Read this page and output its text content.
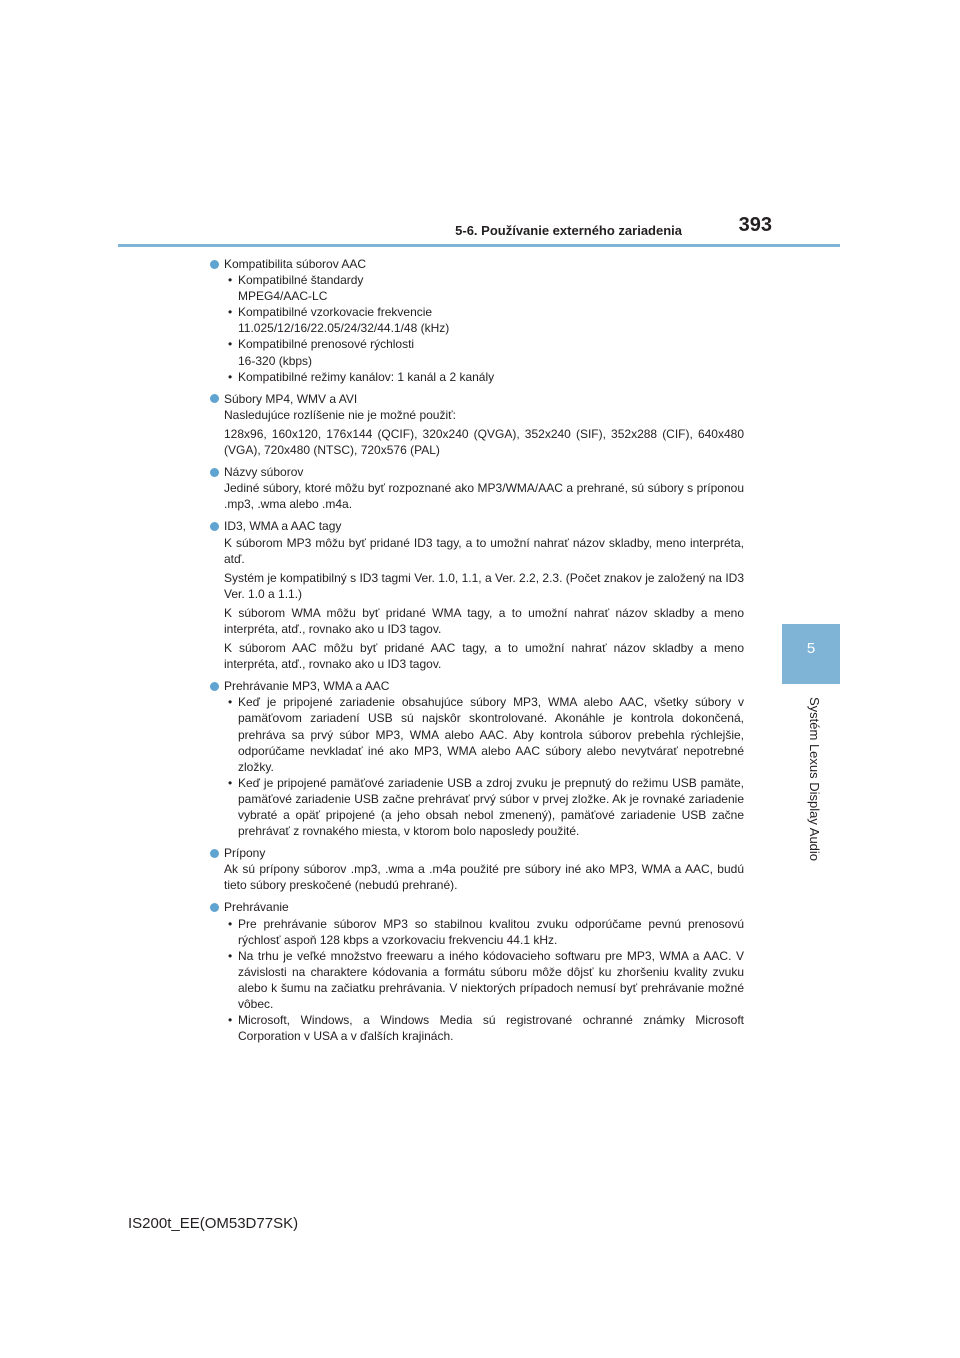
5-6. Používanie externého zariadenia	393
5
Systém Lexus Display Audio
Kompatibilita súborov AAC
• Kompatibilné štandardy
MPEG4/AAC-LC
• Kompatibilné vzorkovacie frekvencie
11.025/12/16/22.05/24/32/44.1/48 (kHz)
• Kompatibilné prenosové rýchlosti
16-320 (kbps)
• Kompatibilné režimy kanálov: 1 kanál a 2 kanály
Súbory MP4, WMV a AVI

Nasledujúce rozlíšenie nie je možné použiť:

128x96, 160x120, 176x144 (QCIF), 320x240 (QVGA), 352x240 (SIF), 352x288 (CIF), 640x480 (VGA), 720x480 (NTSC), 720x576 (PAL)

Názvy súborov

Jediné súbory, ktoré môžu byť rozpoznané ako MP3/WMA/AAC a prehrané, sú súbory s príponou .mp3, .wma alebo .m4a.

ID3, WMA a AAC tagy

K súborom MP3 môžu byť pridané ID3 tagy, a to umožní nahrať názov skladby, meno interpréta, atď.

Systém je kompatibilný s ID3 tagmi Ver. 1.0, 1.1, a Ver. 2.2, 2.3. (Počet znakov je založený na ID3 Ver. 1.0 a 1.1.)

K súborom WMA môžu byť pridané WMA tagy, a to umožní nahrať názov skladby a meno interpréta, atď., rovnako ako u ID3 tagov.

K súborom AAC môžu byť pridané AAC tagy, a to umožní nahrať názov skladby a meno interpréta, atď., rovnako ako u ID3 tagov.

Prehrávanie MP3, WMA a AAC
• Keď je pripojené zariadenie obsahujúce súbory MP3, WMA alebo AAC, všetky súbory v pamäťovom zariadení USB sú najskôr skontrolované. Akonáhle je kontrola dokončená, prehráva sa prvý súbor MP3, WMA alebo AAC. Aby kontrola súborov prebehla rýchlejšie, odporúčame nevkladať iné ako MP3, WMA alebo AAC súbory alebo nevytvárať nepotrebné zložky.
• Keď je pripojené pamäťové zariadenie USB a zdroj zvuku je prepnutý do režimu USB pamäte, pamäťové zariadenie USB začne prehrávať prvý súbor v prvej zložke. Ak je rovnaké zariadenie vybraté a opäť pripojené (a jeho obsah nebol zmenený), pamäťové zariadenie USB začne prehrávať z rovnakého miesta, v ktorom bolo naposledy použité.
Prípony

Ak sú prípony súborov .mp3, .wma a .m4a použité pre súbory iné ako MP3, WMA a AAC, budú tieto súbory preskočené (nebudú prehrané).

Prehrávanie
• Pre prehrávanie súborov MP3 so stabilnou kvalitou zvuku odporúčame pevnú prenosovú rýchlosť aspoň 128 kbps a vzorkovaciu frekvenciu 44.1 kHz.
• Na trhu je veľké množstvo freewaru a iného kódovacieho softwaru pre MP3, WMA a AAC. V závislosti na charaktere kódovania a formátu súboru môže dôjsť ku zhoršeniu kvality zvuku alebo k šumu na začiatku prehrávania. V niektorých prípadoch nemusí byť prehrávanie možné vôbec.
• Microsoft, Windows, a Windows Media sú registrované ochranné známky Microsoft Corporation v USA a v ďalších krajinách.
IS200t_EE(OM53D77SK)
